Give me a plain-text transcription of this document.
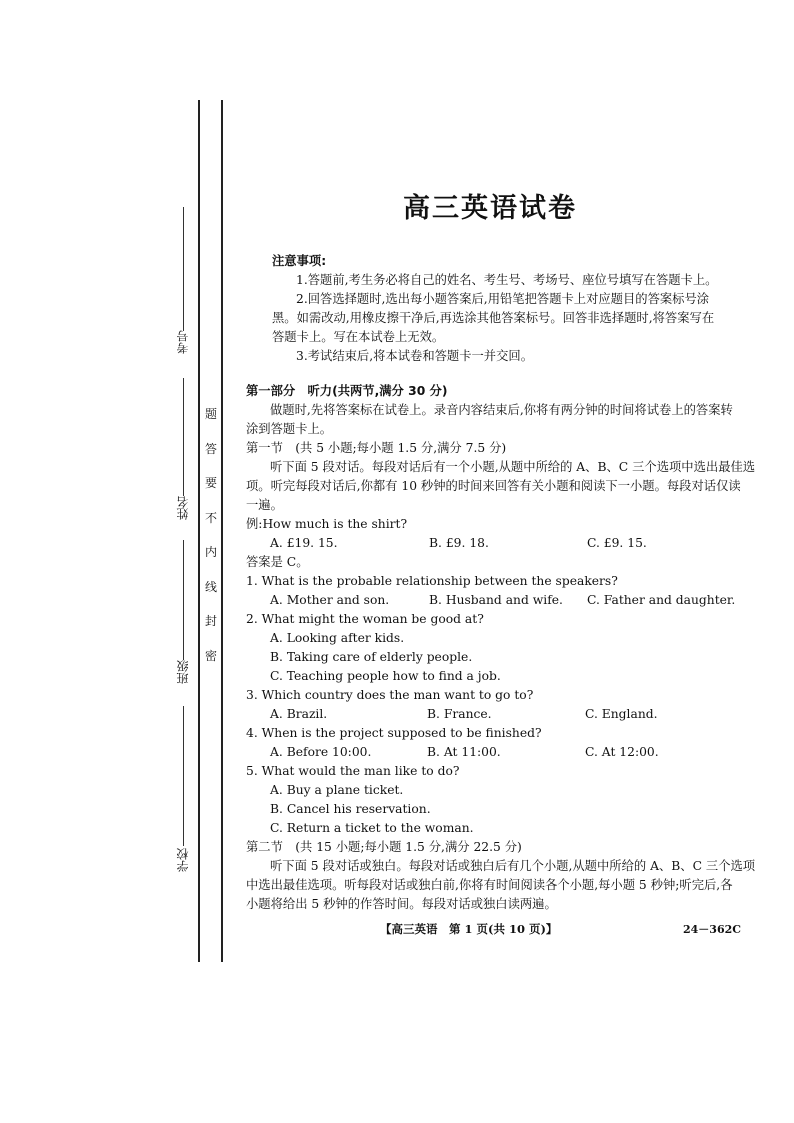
考号
姓名
班级
学校
题
答
要
不
内
线
封
密
高三英语试卷
注意事项:
1.答题前,考生务必将自己的姓名、考生号、考场号、座位号填写在答题卡上。
2.回答选择题时,选出每小题答案后,用铅笔把答题卡上对应题目的答案标号涂
黑。如需改动,用橡皮擦干净后,再选涂其他答案标号。回答非选择题时,将答案写在
答题卡上。写在本试卷上无效。
3.考试结束后,将本试卷和答题卡一并交回。
第一部分　听力(共两节,满分 30 分)
做题时,先将答案标在试卷上。录音内容结束后,你将有两分钟的时间将试卷上的答案转
涂到答题卡上。
第一节　(共 5 小题;每小题 1.5 分,满分 7.5 分)
听下面 5 段对话。每段对话后有一个小题,从题中所给的 A、B、C 三个选项中选出最佳选
项。听完每段对话后,你都有 10 秒钟的时间来回答有关小题和阅读下一小题。每段对话仅读
一遍。
例:How much is the shirt?
A. £19. 15.	B. £9. 18.	C. £9. 15.
答案是 C。
1. What is the probable relationship between the speakers?
A. Mother and son.	B. Husband and wife. C. Father and daughter.
2. What might the woman be good at?
A. Looking after kids.
B. Taking care of elderly people.
C. Teaching people how to find a job.
3. Which country does the man want to go to?
A. Brazil.	B. France.	C. England.
4. When is the project supposed to be finished?
A. Before 10:00.	B. At 11:00.	C. At 12:00.
5. What would the man like to do?
A. Buy a plane ticket.
B. Cancel his reservation.
C. Return a ticket to the woman.
第二节　(共 15 小题;每小题 1.5 分,满分 22.5 分)
听下面 5 段对话或独白。每段对话或独白后有几个小题,从题中所给的 A、B、C 三个选项
中选出最佳选项。听每段对话或独白前,你将有时间阅读各个小题,每小题 5 秒钟;听完后,各
小题将给出 5 秒钟的作答时间。每段对话或独白读两遍。
【高三英语　第 1 页(共 10 页)】	24－362C
